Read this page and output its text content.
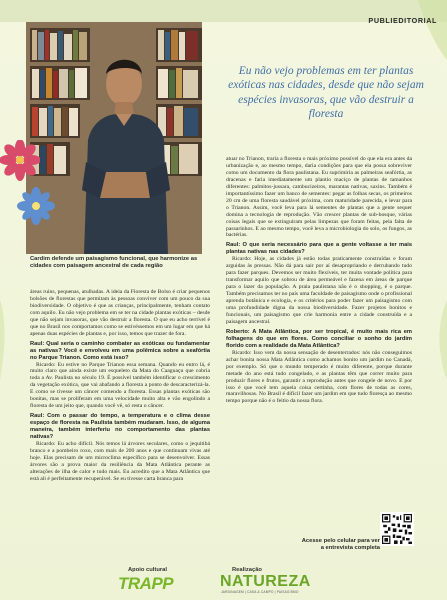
PUBLIEDITORIAL
Cardim defende um paisagismo funcional, que harmonize as cidades com paisagem ancestral de cada região
Eu não vejo problemas em ter plantas exóticas nas cidades, desde que não sejam espécies invasoras, que vão destruir a floresta

áreas ruins, pequenas, atulhadas. A ideia da Floresta de Bolso é criar pequenos bolsões de florestas que permitam às pessoas conviver com um pouco da sua biodiversidade. O objetivo é que as crianças, principalmente, tenham contato com aquilo. Eu não vejo problema em se ter na cidade plantas exóticas – desde que não sejam invasoras, que vão destruir a floresta. O que eu acho terrível é que no Brasil nos comportamos como se estivéssemos em um lugar em que há apenas duas espécies de plantas e, por isso, temos que trazer de fora.

Raul: Qual seria o caminho combater as exóticas ou fundamentar as nativas? Você e envolveu em uma polêmica sobre a seafórtia no Parque Trianon. Como está isso?

Ricardo: Eu estive no Parque Trianon essa semana. Quando eu entro lá, é muito claro que ainda existe um esqueleto da Mata do Caaguaçu que cobria toda a Av. Paulista no século 19. É possível também identificar o crescimento da vegetação exótica, que vai abafando a floresta a ponto de descaracterizá-la. E como se tivesse um câncer comendo a floresta. Essas plantas exóticas são bonitas, mas se proliferam em uma velocidade muito alta e vão engolindo a floresta de um jeito que, quando você vê, só resta o câncer.

Raul: Com o passar do tempo, a temperatura e o clima desse espaço de floresta na Paulista também mudaram. Isso, de alguma maneira, também interferiu no comportamento das plantas nativas?

Ricardo: Eu acho difícil. Nós temos lá árvores seculares, como o jequitibá branco e a pombeiro roxo, com mais de 200 anos e que continuam vivas até hoje. Elas precisam de um microclima específico para se desenvolver. Essas árvores são a prova maior da resiliência da Mata Atlântica perante as alterações de ilha de calor e tudo mais. Eu acredito que a Mata Atlântica que está ali é perfeitamente recuperável. Se eu tivesse carta branca para

atuar no Trianon, traria a floresta o mais próximo possível do que ela era antes da urbanização e, ao mesmo tempo, daria condições para que ela possa sobreviver como um documento da flora paulistana. Eu suprimiria as palmeiras seafórtia, as dracenas e faria imediatamente um plantio maciço de plantas de tamanhos diferentes: palmitos-jussara, cambucizeiros, marantas nativas, saxins. Também é importantíssimo fazer um banco de sementes: pegar as folhas secas, os primeiros 20 cm de uma floresta saudável próxima, com maturidade parecida, e levar para o Trianon. Assim, você leva para lá sementes de plantas que a gente sequer domina a tecnologia de reprodução. Vão crescer plantas de sub-bosque, várias coisas legais que se extinguiram pelas limpezas que foram feitas, pela falta de passarinhos. E ao mesmo tempo, você leva a microbiologia do solo, os fungos, as bactérias.

Raul: O que seria necessário para que a gente voltasse a ter mais plantas nativas nas cidades?

Ricardo: Hoje, as cidades já estão todas praticamente construídas e foram arguidas às pressas. Não dá para sair por aí desapropriando e derrubando tudo para fazer parques. Devemos ser muito flexíveis, ter muita vontade política para transformar aquilo que sobrou de área permeável e fazenа em áreas de parque para o lazer da população. A praia paulistana não é o shopping, é o parque. Também precisamos ter no país uma faculdade de paisagismo onde o profissional aprenda botânica e ecologia, e os critérios para poder fazer um paisagismo com uma profundidade digna da nossa biodiversidade. Fazer projetos bonitos e funcionais, um paisagismo que crie harmonia entre a cidade construída e a paisagem ancestral.

Roberto: A Mata Atlântica, por ser tropical, é muito mais rica em folhagens do que em flores. Como conciliar o sonho do jardim florido com a realidade da Mata Atlântica?

Ricardo: Isso vem da nossa sensação de desenterrados: nós não conseguimos achar bonita nossa Mata Atlântica como achamos bonito um jardim no Canadá, por exemplo. Só que o mundo temperado é muito diferente, porque durante metade do ano está tudo congelado, e as plantas têm que correr muito para produzir flores e frutos, garantir a reprodução antes que congele de novo. E por isso é que você tem aquela coisa certinha, com flores de todas as cores, maravilhosas. No Brasil é difícil fazer um jardim em que tudo floresça ao mesmo tempo porque não é o feitio da nossa flora.

Acesse pelo celular para ver a entrevista completa
Apoio cultural
TRAPP
Realização
NATUREZA
JARDINAGEM | CASA & CAMPO | PAISAGISMO
